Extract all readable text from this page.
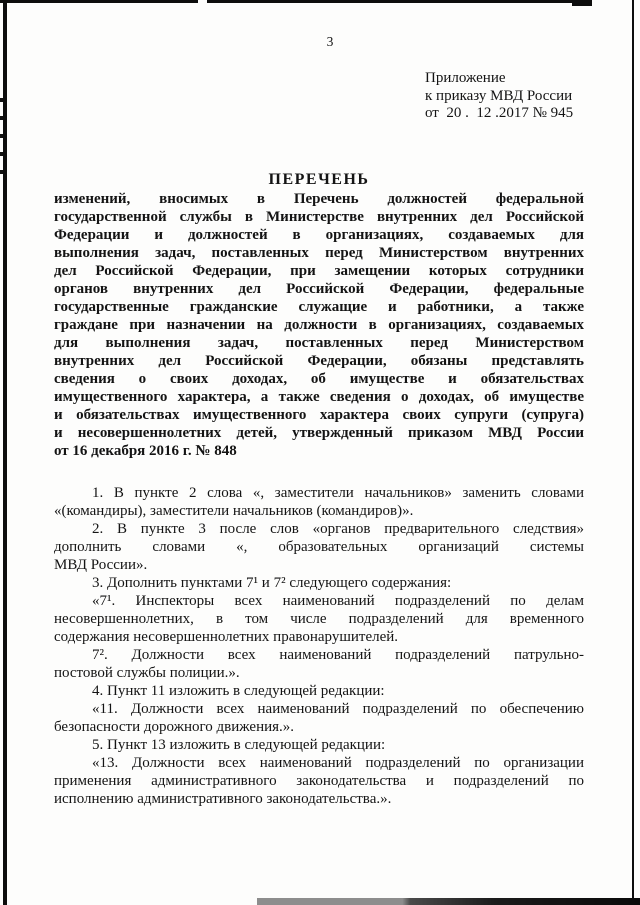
3
Приложение
к приказу МВД России
от  20 .  12 .2017 № 945
ПЕРЕЧЕНЬ
изменений, вносимых в Перечень должностей федеральной
государственной службы в Министерстве внутренних дел Российской
Федерации и должностей в организациях, создаваемых для
выполнения задач, поставленных перед Министерством внутренних
дел Российской Федерации, при замещении которых сотрудники
органов внутренних дел Российской Федерации, федеральные
государственные гражданские служащие и работники, а также
граждане при назначении на должности в организациях, создаваемых
для выполнения задач, поставленных перед Министерством
внутренних дел Российской Федерации, обязаны представлять
сведения о своих доходах, об имуществе и обязательствах
имущественного характера, а также сведения о доходах, об имуществе
и обязательствах имущественного характера своих супруги (супруга)
и несовершеннолетних детей, утвержденный приказом МВД России
от 16 декабря 2016 г. № 848
1. В пункте 2 слова «, заместители начальников» заменить словами
«(командиры), заместители начальников (командиров)».
2. В пункте 3 после слов «органов предварительного следствия»
дополнить словами «, образовательных организаций системы
МВД России».
3. Дополнить пунктами 7¹ и 7² следующего содержания:
«7¹. Инспекторы всех наименований подразделений по делам
несовершеннолетних, в том числе подразделений для временного
содержания несовершеннолетних правонарушителей.
7². Должности всех наименований подразделений патрульно-
постовой службы полиции.».
4. Пункт 11 изложить в следующей редакции:
«11. Должности всех наименований подразделений по обеспечению
безопасности дорожного движения.».
5. Пункт 13 изложить в следующей редакции:
«13. Должности всех наименований подразделений по организации
применения административного законодательства и подразделений по
исполнению административного законодательства.».
